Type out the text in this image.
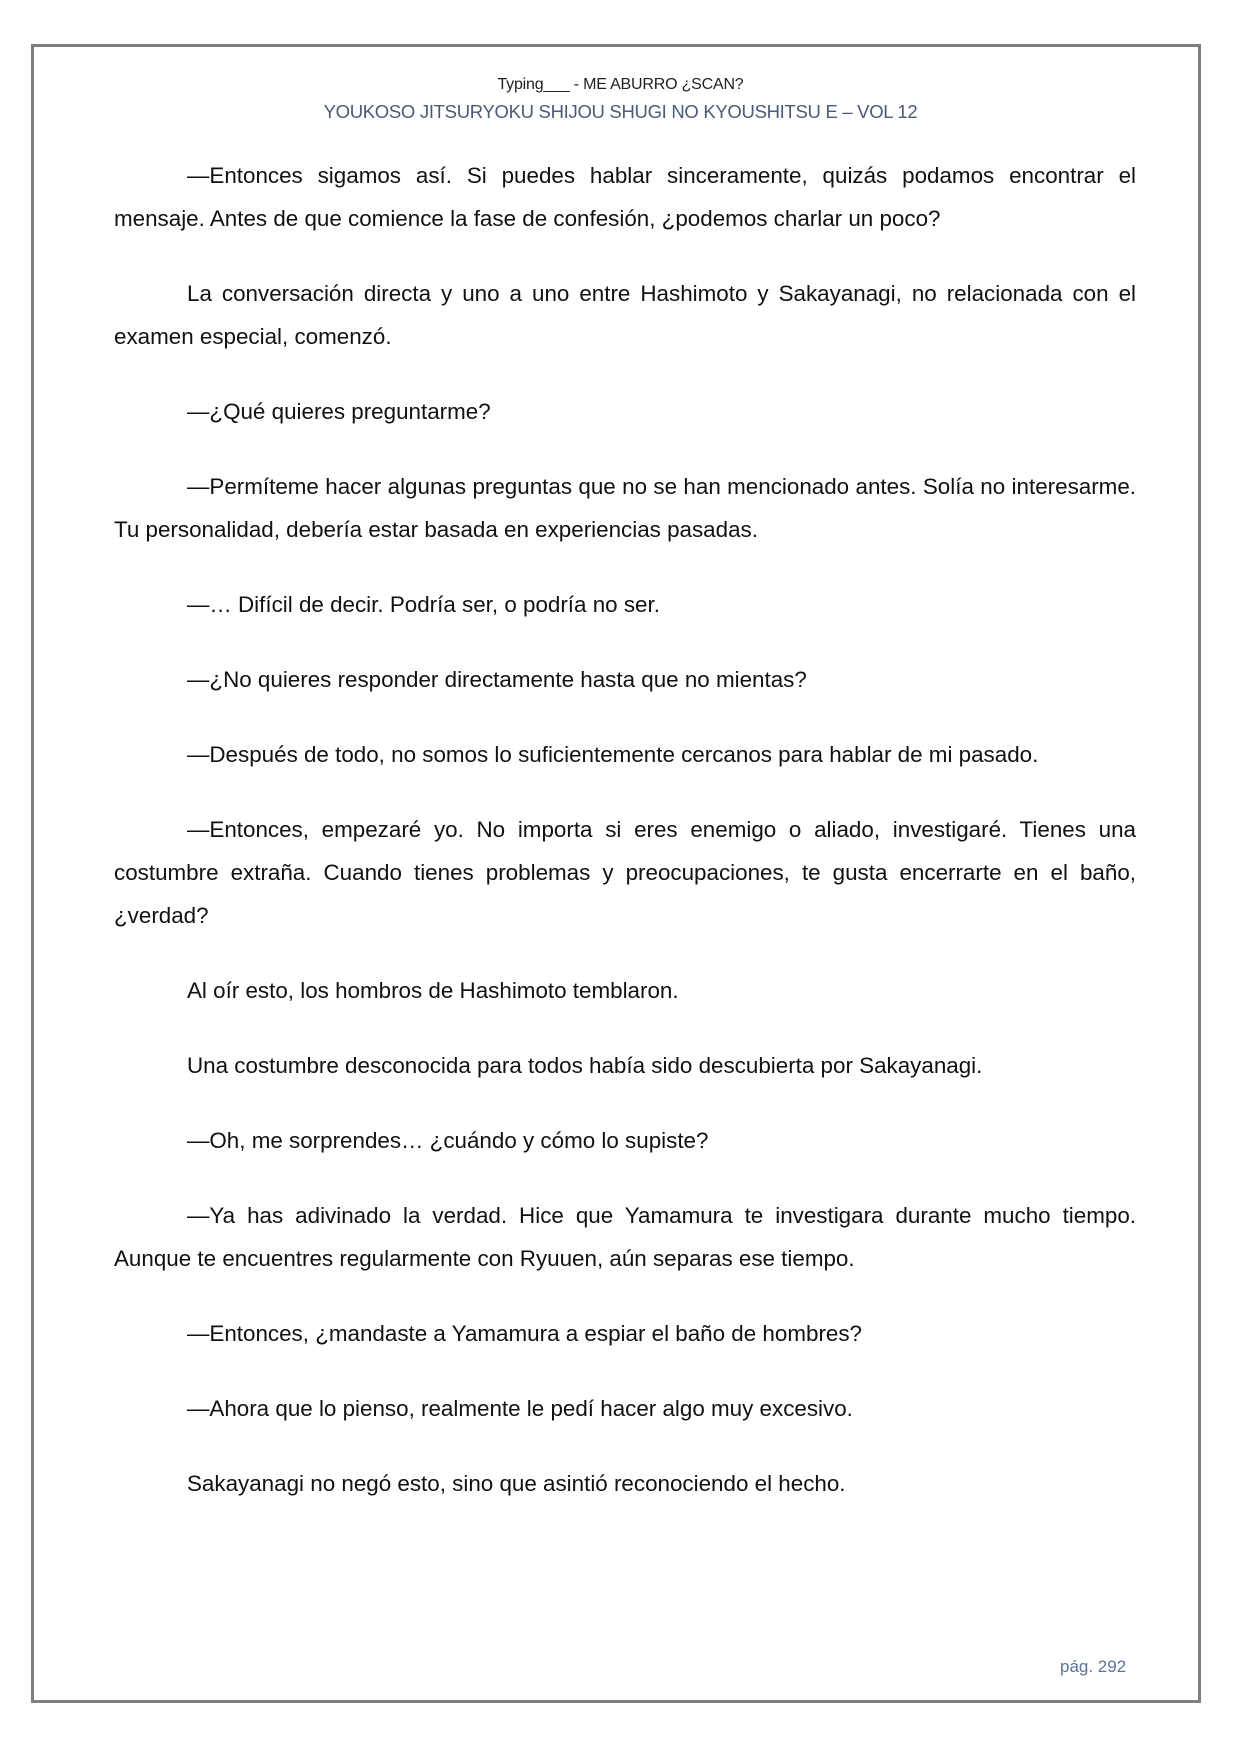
Typing___ - ME ABURRO ¿SCAN?
YOUKOSO JITSURYOKU SHIJOU SHUGI NO KYOUSHITSU E – VOL 12

—Entonces sigamos así. Si puedes hablar sinceramente, quizás podamos encontrar el mensaje. Antes de que comience la fase de confesión, ¿podemos charlar un poco?

La conversación directa y uno a uno entre Hashimoto y Sakayanagi, no relacionada con el examen especial, comenzó.

—¿Qué quieres preguntarme?

—Permíteme hacer algunas preguntas que no se han mencionado antes. Solía no interesarme. Tu personalidad, debería estar basada en experiencias pasadas.

—… Difícil de decir. Podría ser, o podría no ser.

—¿No quieres responder directamente hasta que no mientas?

—Después de todo, no somos lo suficientemente cercanos para hablar de mi pasado.

—Entonces, empezaré yo. No importa si eres enemigo o aliado, investigaré. Tienes una costumbre extraña. Cuando tienes problemas y preocupaciones, te gusta encerrarte en el baño, ¿verdad?

Al oír esto, los hombros de Hashimoto temblaron.

Una costumbre desconocida para todos había sido descubierta por Sakayanagi.

—Oh, me sorprendes… ¿cuándo y cómo lo supiste?

—Ya has adivinado la verdad. Hice que Yamamura te investigara durante mucho tiempo. Aunque te encuentres regularmente con Ryuuen, aún separas ese tiempo.

—Entonces, ¿mandaste a Yamamura a espiar el baño de hombres?

—Ahora que lo pienso, realmente le pedí hacer algo muy excesivo.

Sakayanagi no negó esto, sino que asintió reconociendo el hecho.

pág. 292
